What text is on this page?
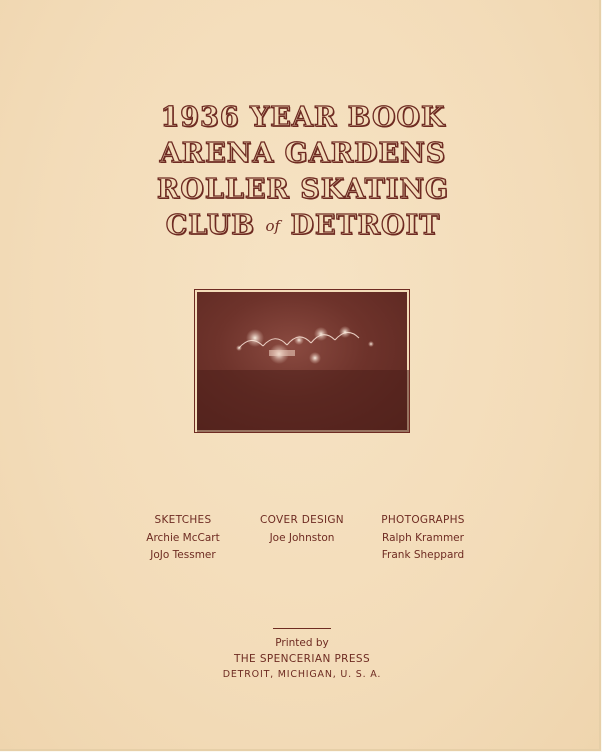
1936 YEAR BOOK
ARENA GARDENS
ROLLER SKATING
CLUB of DETROIT
SKETCHES
Archie McCart
JoJo Tessmer
COVER DESIGN
Joe Johnston
PHOTOGRAPHS
Ralph Krammer
Frank Sheppard
Printed by
THE SPENCERIAN PRESS
DETROIT, MICHIGAN, U. S. A.
